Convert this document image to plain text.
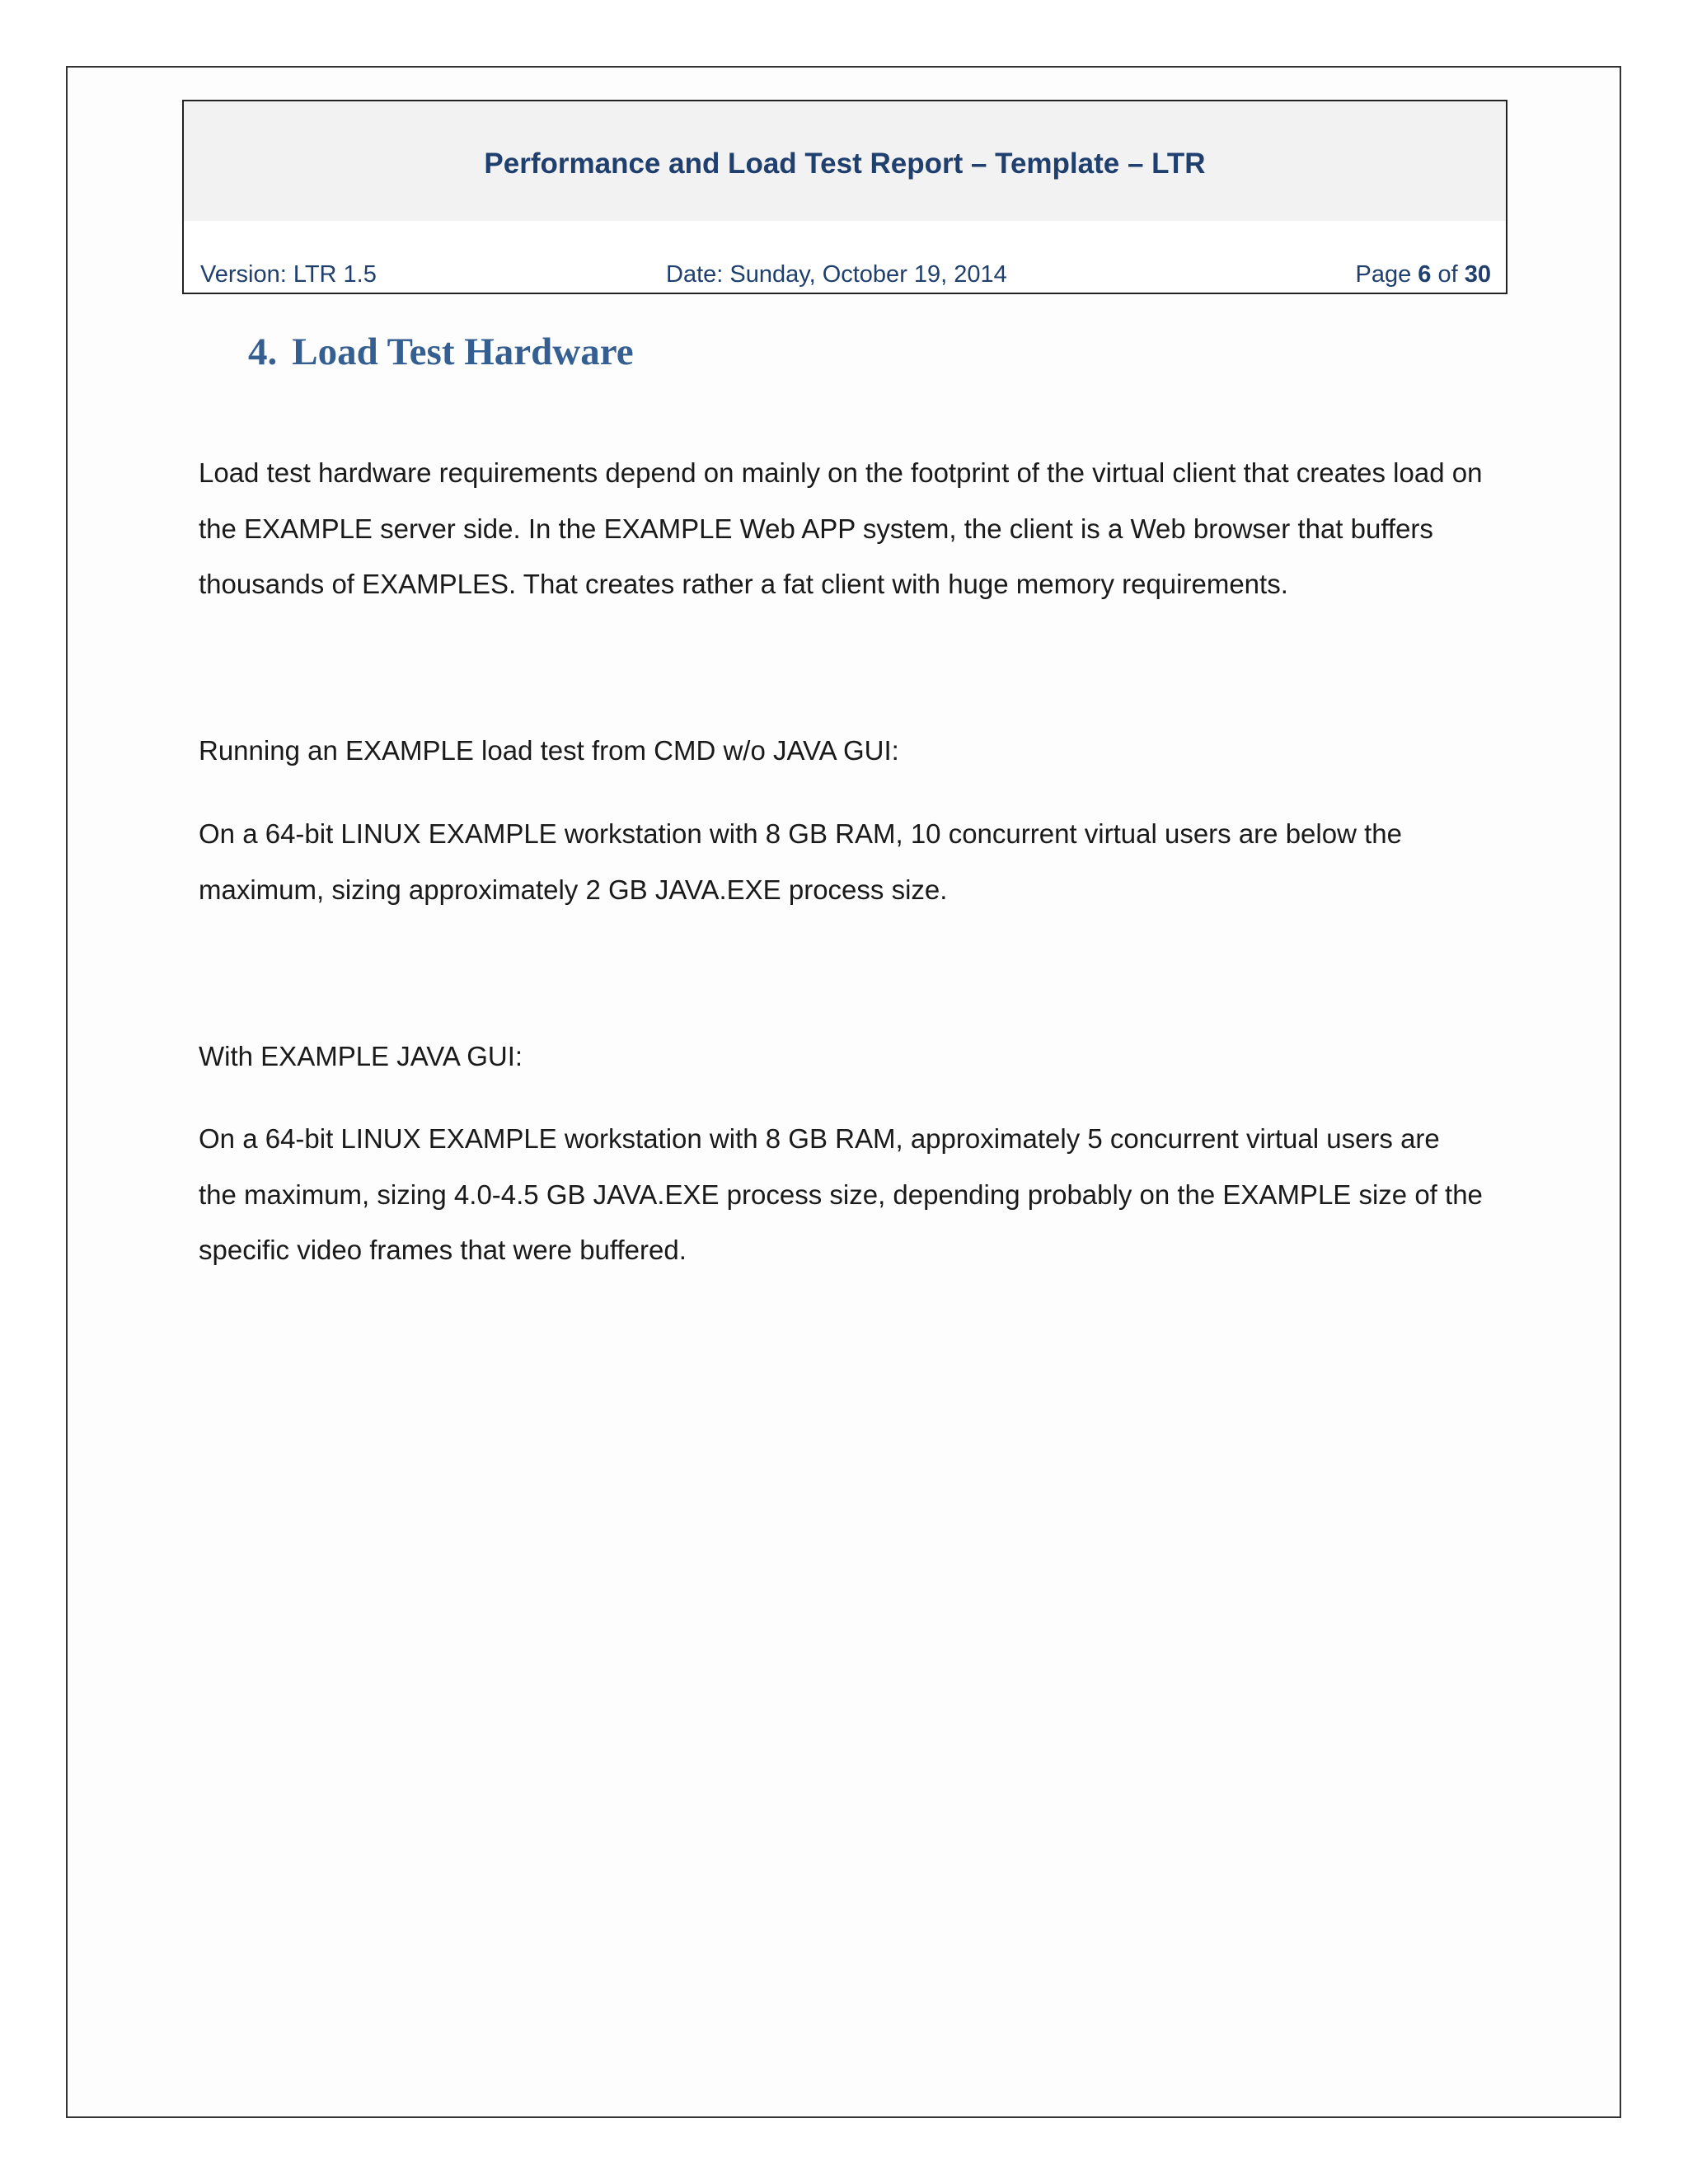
Performance and Load Test Report – Template – LTR
Version: LTR 1.5	Date: Sunday, October 19, 2014	Page 6 of 30
4. Load Test Hardware

Load test hardware requirements depend on mainly on the footprint of the virtual client that creates load on the EXAMPLE server side. In the EXAMPLE Web APP system, the client is a Web browser that buffers thousands of EXAMPLES. That creates rather a fat client with huge memory requirements.

Running an EXAMPLE load test from CMD w/o JAVA GUI:

On a 64-bit LINUX EXAMPLE workstation with 8 GB RAM, 10 concurrent virtual users are below the maximum, sizing approximately 2 GB JAVA.EXE process size.

With EXAMPLE JAVA GUI:

On a 64-bit LINUX EXAMPLE workstation with 8 GB RAM, approximately 5 concurrent virtual users are the maximum, sizing 4.0-4.5 GB JAVA.EXE process size, depending probably on the EXAMPLE size of the specific video frames that were buffered.
